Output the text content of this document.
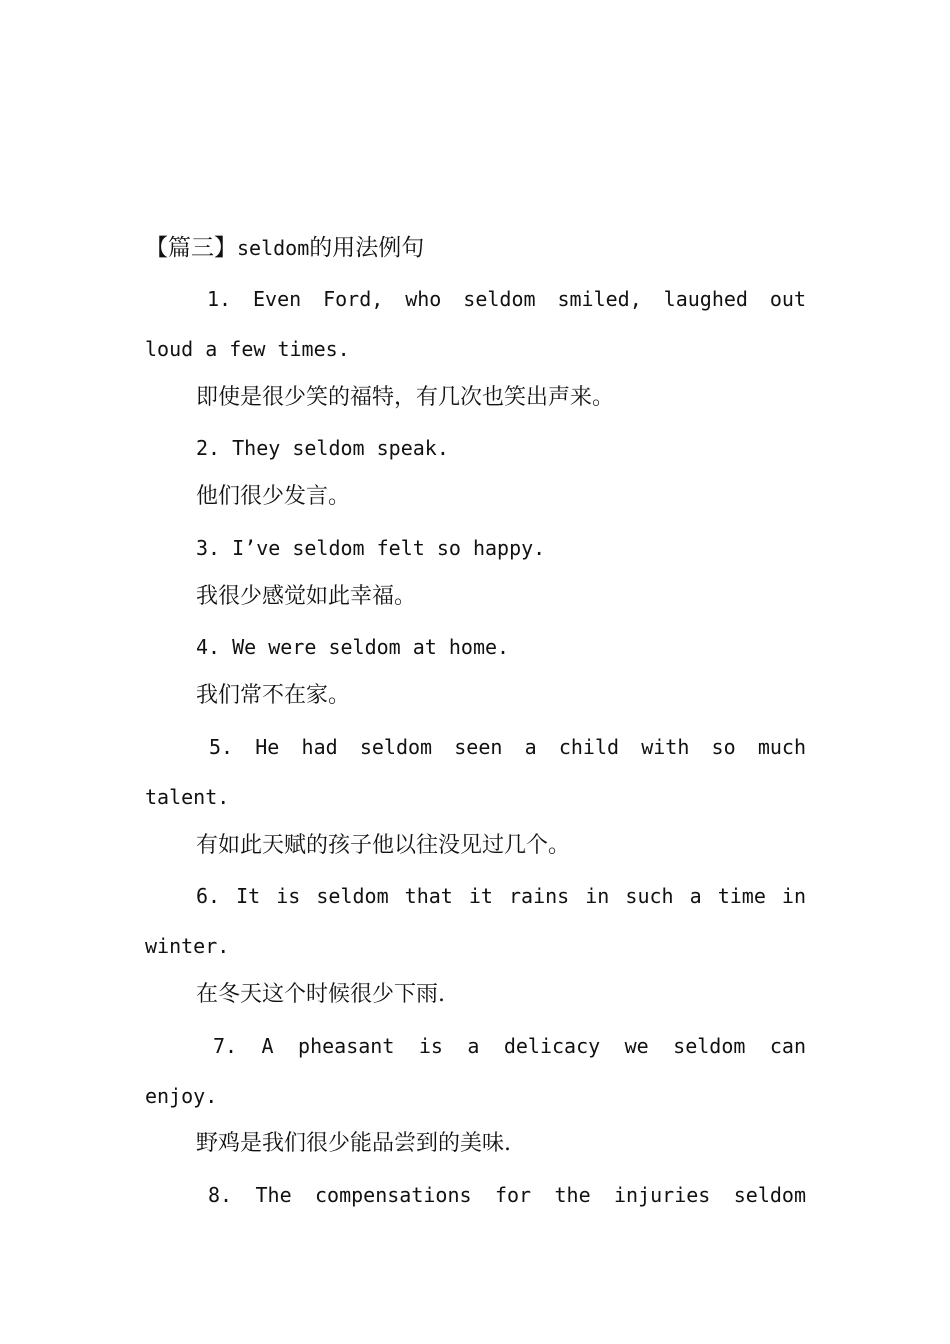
【篇三】seldom的用法例句
1. Even Ford, who seldom smiled, laughed out
loud a few times.
即使是很少笑的福特，有几次也笑出声来。
2. They seldom speak.
他们很少发言。
3. I’ve seldom felt so happy.
我很少感觉如此幸福。
4. We were seldom at home.
我们常不在家。
5. He had seldom seen a child with so much
talent.
有如此天赋的孩子他以往没见过几个。
6. It is seldom that it rains in such a time in
winter.
在冬天这个时候很少下雨.
7. A pheasant is a delicacy we seldom can
enjoy.
野鸡是我们很少能品尝到的美味.
8. The compensations for the injuries seldom
